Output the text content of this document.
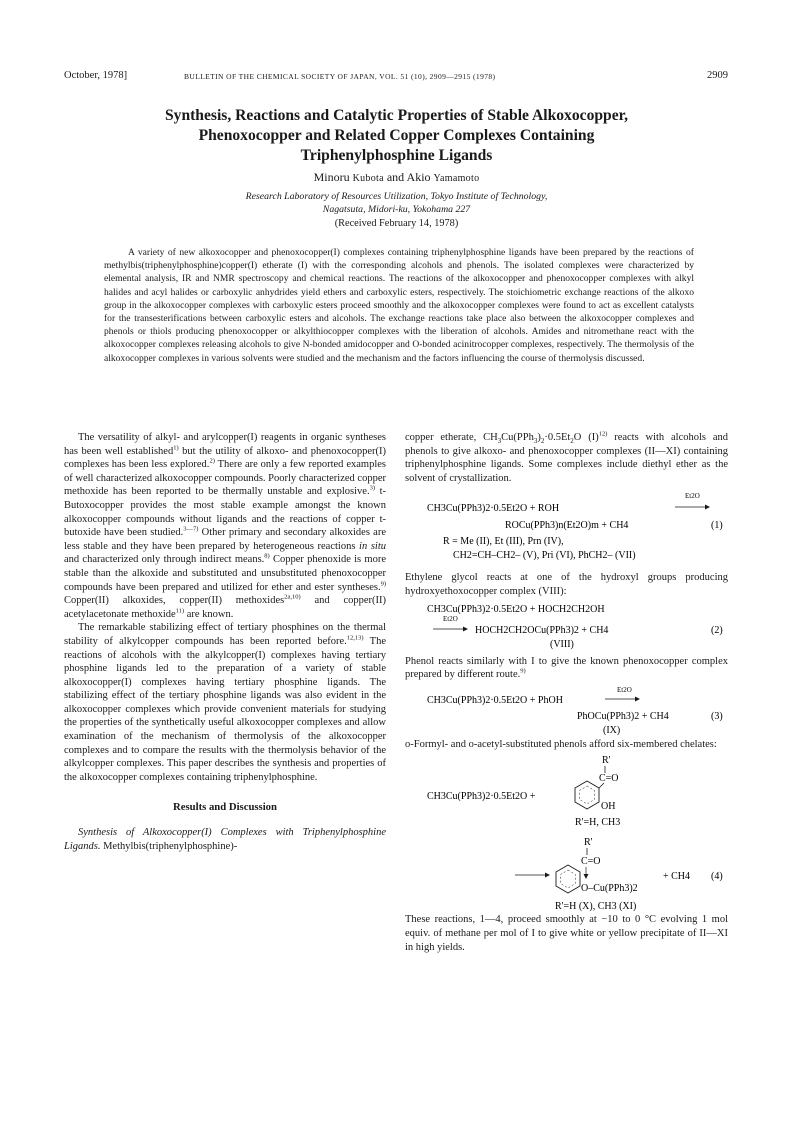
October, 1978]	BULLETIN OF THE CHEMICAL SOCIETY OF JAPAN, VOL. 51 (10), 2909—2915 (1978)	2909
Synthesis, Reactions and Catalytic Properties of Stable Alkoxocopper,
Phenoxocopper and Related Copper Complexes Containing
Triphenylphosphine Ligands
Minoru Kubota and Akio Yamamoto
Research Laboratory of Resources Utilization, Tokyo Institute of Technology,
Nagatsuta, Midori-ku, Yokohama 227
(Received February 14, 1978)

A variety of new alkoxocopper and phenoxocopper(I) complexes containing triphenylphosphine ligands have been prepared by the reactions of methylbis(triphenylphosphine)copper(I) etherate (I) with the corresponding alcohols and phenols. The isolated complexes were characterized by elemental analysis, IR and NMR spectroscopy and chemical reactions. The reactions of the alkoxocopper and phenoxocopper complexes with alkyl halides and acyl halides or carboxylic anhydrides yield ethers and carboxylic esters, respectively. The stoichiometric exchange reactions of the alkoxo group in the alkoxocopper complexes with carboxylic esters proceed smoothly and the alkoxocopper complexes were found to act as excellent catalysts for the transesterifications between carboxylic esters and alcohols. The exchange reactions take place also between the alkoxocopper complexes and phenols or thiols producing phenoxocopper or alkylthiocopper complexes with the liberation of alcohols. Amides and nitromethane react with the alkoxocopper complexes releasing alcohols to give N-bonded amidocopper and O-bonded acinitrocopper complexes, respectively. The thermolysis of the alkoxocopper complexes in various solvents were studied and the mechanism and the factors influencing the course of thermolysis discussed.

The versatility of alkyl- and arylcopper(I) reagents in organic syntheses has been well established$^{1)}$ but the utility of alkoxo- and phenoxocopper(I) complexes has been less explored.$^{2)}$ There are only a few reported examples of well characterized alkoxocopper compounds. Poorly characterized copper methoxide has been reported to be thermally unstable and explosive.$^{3)}$ t-Butoxocopper provides the most stable example amongst the known alkoxocopper compounds without ligands and the reactions of copper t-butoxide have been studied.$^{3—7)}$ Other primary and secondary alkoxides are less stable and they have been prepared by heterogeneous reactions in situ and characterized only through indirect means.$^{8)}$ Copper phenoxide is more stable than the alkoxide and substituted and unsubstituted phenoxocopper compounds have been prepared and utilized for ether and ester syntheses.$^{9)}$ Copper(II) alkoxides, copper(II) methoxides$^{2a,10)}$ and copper(II) acetylacetonate methoxide$^{11)}$ are known.

The remarkable stabilizing effect of tertiary phosphines on the thermal stability of alkylcopper compounds has been reported before.$^{12,13)}$ The reactions of alcohols with the alkylcopper(I) complexes having tertiary phosphine ligands led to the preparation of a variety of stable alkoxocopper(I) complexes having tertiary phosphine ligands. The stabilizing effect of the tertiary phosphine ligands was also evident in the alkoxocopper complexes which provide convenient materials for studying the properties of the synthetically useful alkoxocopper complexes and allow examination of the mechanism of thermolysis of the alkoxocopper complexes and to compare the results with the thermolysis behavior of the alkylcopper complexes. This paper describes the synthesis and properties of the alkoxocopper complexes containing triphenylphosphine.

Results and Discussion

Synthesis of Alkoxocopper(I) Complexes with Triphenylphosphine Ligands. Methylbis(triphenylphosphine)-

copper etherate, $CH_3Cu(PPh_3)_2\cdot 0.5Et_2O$ $(I)^{12)}$ reacts with alcohols and phenols to give alkoxo- and phenoxocopper complexes (II—XI) containing triphenylphosphine ligands. Some complexes include diethyl ether as the solvent of crystallization.

Et2O
CH3Cu(PPh3)2·0.5Et2O + ROH
ROCu(PPh3)n(Et2O)m + CH4	(1)
R = Me (II), Et (III), Prn (IV),
CH2=CH–CH2– (V), Pri (VI), PhCH2– (VII)

Ethylene glycol reacts at one of the hydroxyl groups producing hydroxyethoxocopper complex (VIII):

CH3Cu(PPh3)2·0.5Et2O + HOCH2CH2OH
Et2O
HOCH2CH2OCu(PPh3)2 + CH4	(2)
(VIII)

Phenol reacts similarly with I to give the known phenoxocopper complex prepared by different route.$^{9)}$

Et2O
CH3Cu(PPh3)2·0.5Et2O + PhOH
PhOCu(PPh3)2 + CH4	(3)
(IX)

o-Formyl- and o-acetyl-substituted phenols afford six-membered chelates:

R'
C=O
OH
CH3Cu(PPh3)2·0.5Et2O +
R'=H, CH3
R'
C=O
O–Cu(PPh3)2
+ CH4 (4)
R'=H (X), CH3 (XI)

These reactions, 1—4, proceed smoothly at −10 to 0 °C evolving 1 mol equiv. of methane per mol of I to give white or yellow precipitate of II—XI in high yields.
